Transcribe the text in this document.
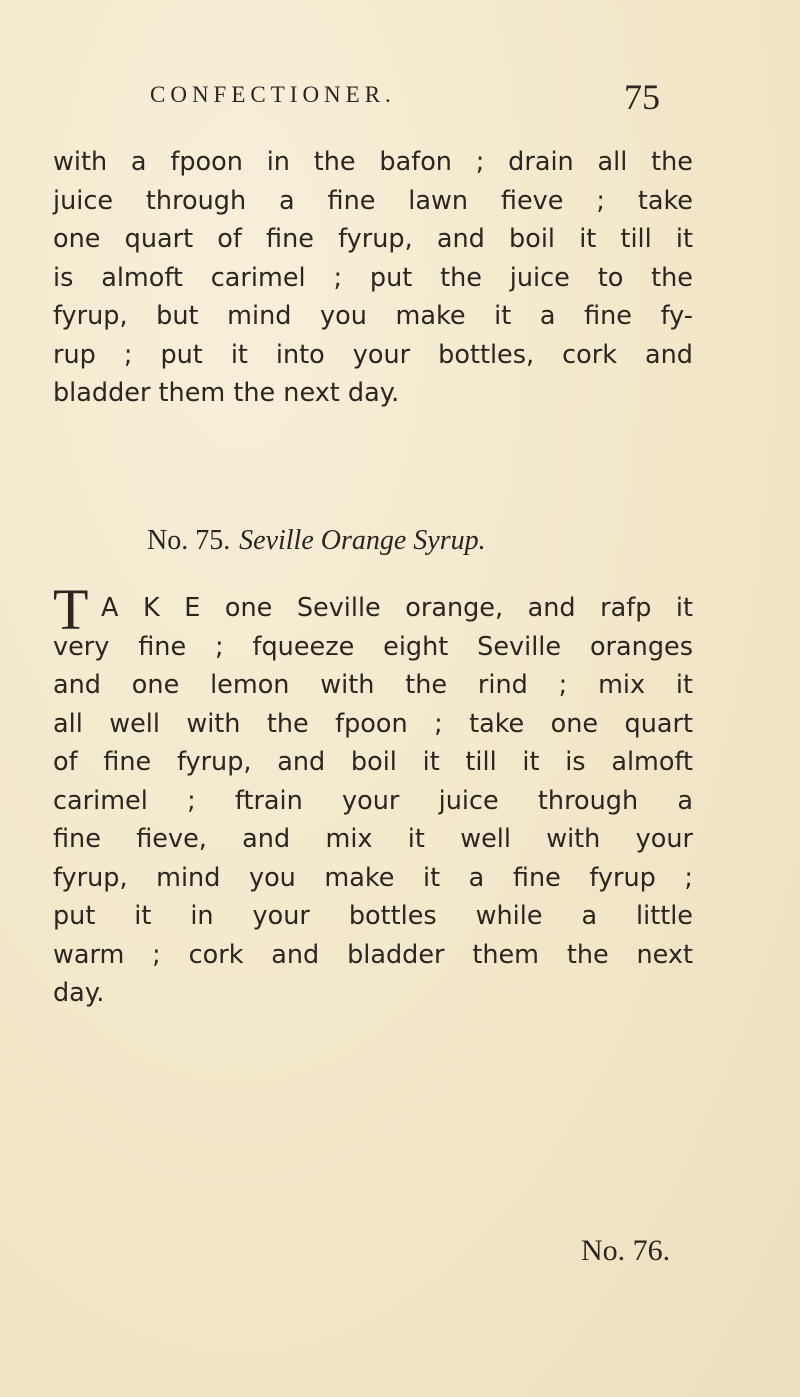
CONFECTIONER.	75
with a fpoon in the bafon ; drain all the
juice through a fine lawn fieve ; take
one quart of fine fyrup, and boil it till it
is almoft carimel ; put the juice to the
fyrup, but mind you make it a fine fy-
rup ; put it into your bottles, cork and
bladder them the next day.
No. 75. Seville Orange Syrup.
T A K E one Seville orange, and rafp it
very fine ; fqueeze eight Seville oranges
and one lemon with the rind ; mix it
all well with the fpoon ; take one quart
of fine fyrup, and boil it till it is almoft
carimel ; ftrain your juice through a
fine fieve, and mix it well with your
fyrup, mind you make it a fine fyrup ;
put it in your bottles while a little
warm ; cork and bladder them the next
day.
No. 76.
